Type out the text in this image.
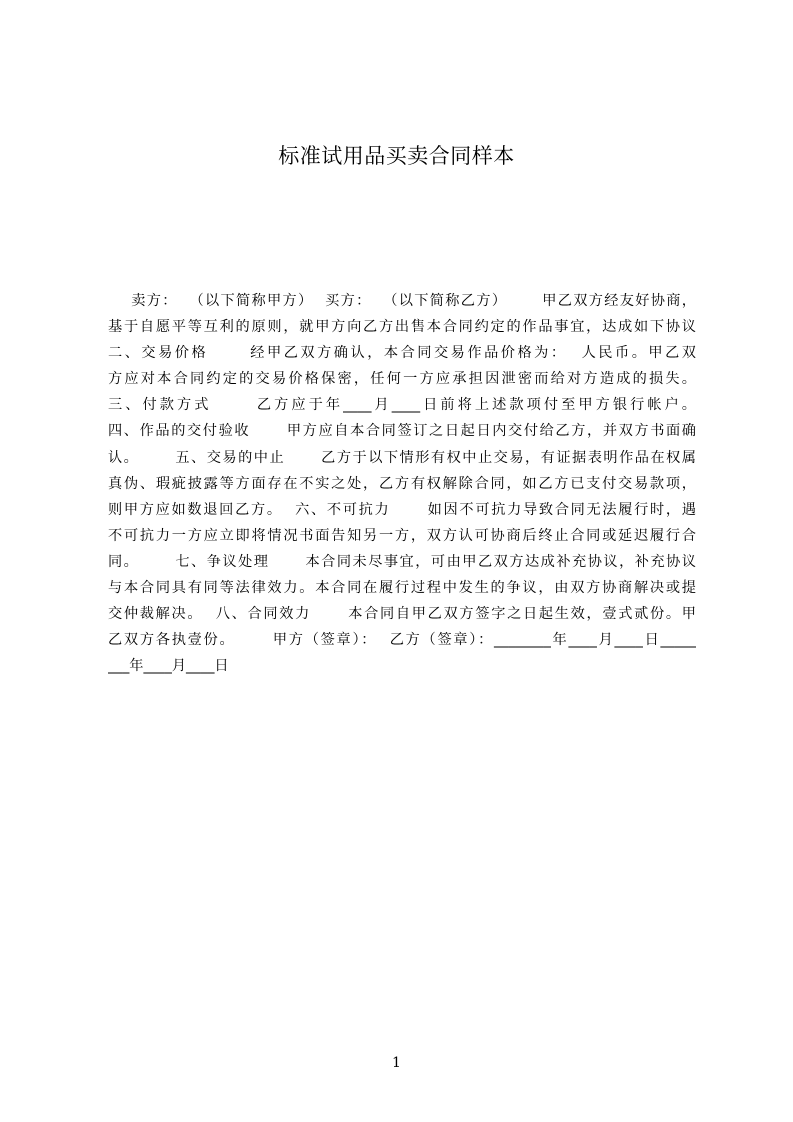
标准试用品买卖合同样本
卖方：  （以下简称甲方）  买方：  （以下简称乙方）      甲乙双方经友好协商，
基于自愿平等互利的原则，就甲方向乙方出售本合同约定的作品事宜，达成如下协议
二、交易价格      经甲乙双方确认，本合同交易作品价格为：  人民币。甲乙双
方应对本合同约定的交易价格保密，任何一方应承担因泄密而给对方造成的损失。
三、付款方式      乙方应于年____月____日前将上述款项付至甲方银行帐户。
四、作品的交付验收      甲方应自本合同签订之日起日内交付给乙方，并双方书面确
认。      五、交易的中止      乙方于以下情形有权中止交易，有证据表明作品在权属
真伪、瑕疵披露等方面存在不实之处，乙方有权解除合同，如乙方已支付交易款项，
则甲方应如数退回乙方。  六、不可抗力      如因不可抗力导致合同无法履行时，遇
不可抗力一方应立即将情况书面告知另一方，双方认可协商后终止合同或延迟履行合
同。      七、争议处理      本合同未尽事宜，可由甲乙双方达成补充协议，补充协议
与本合同具有同等法律效力。本合同在履行过程中发生的争议，由双方协商解决或提
交仲裁解决。  八、合同效力      本合同自甲乙双方签字之日起生效，壹式贰份。甲
乙双方各执壹份。      甲方（签章）：  乙方（签章）：________年____月____日_____
___年____月____日
1
